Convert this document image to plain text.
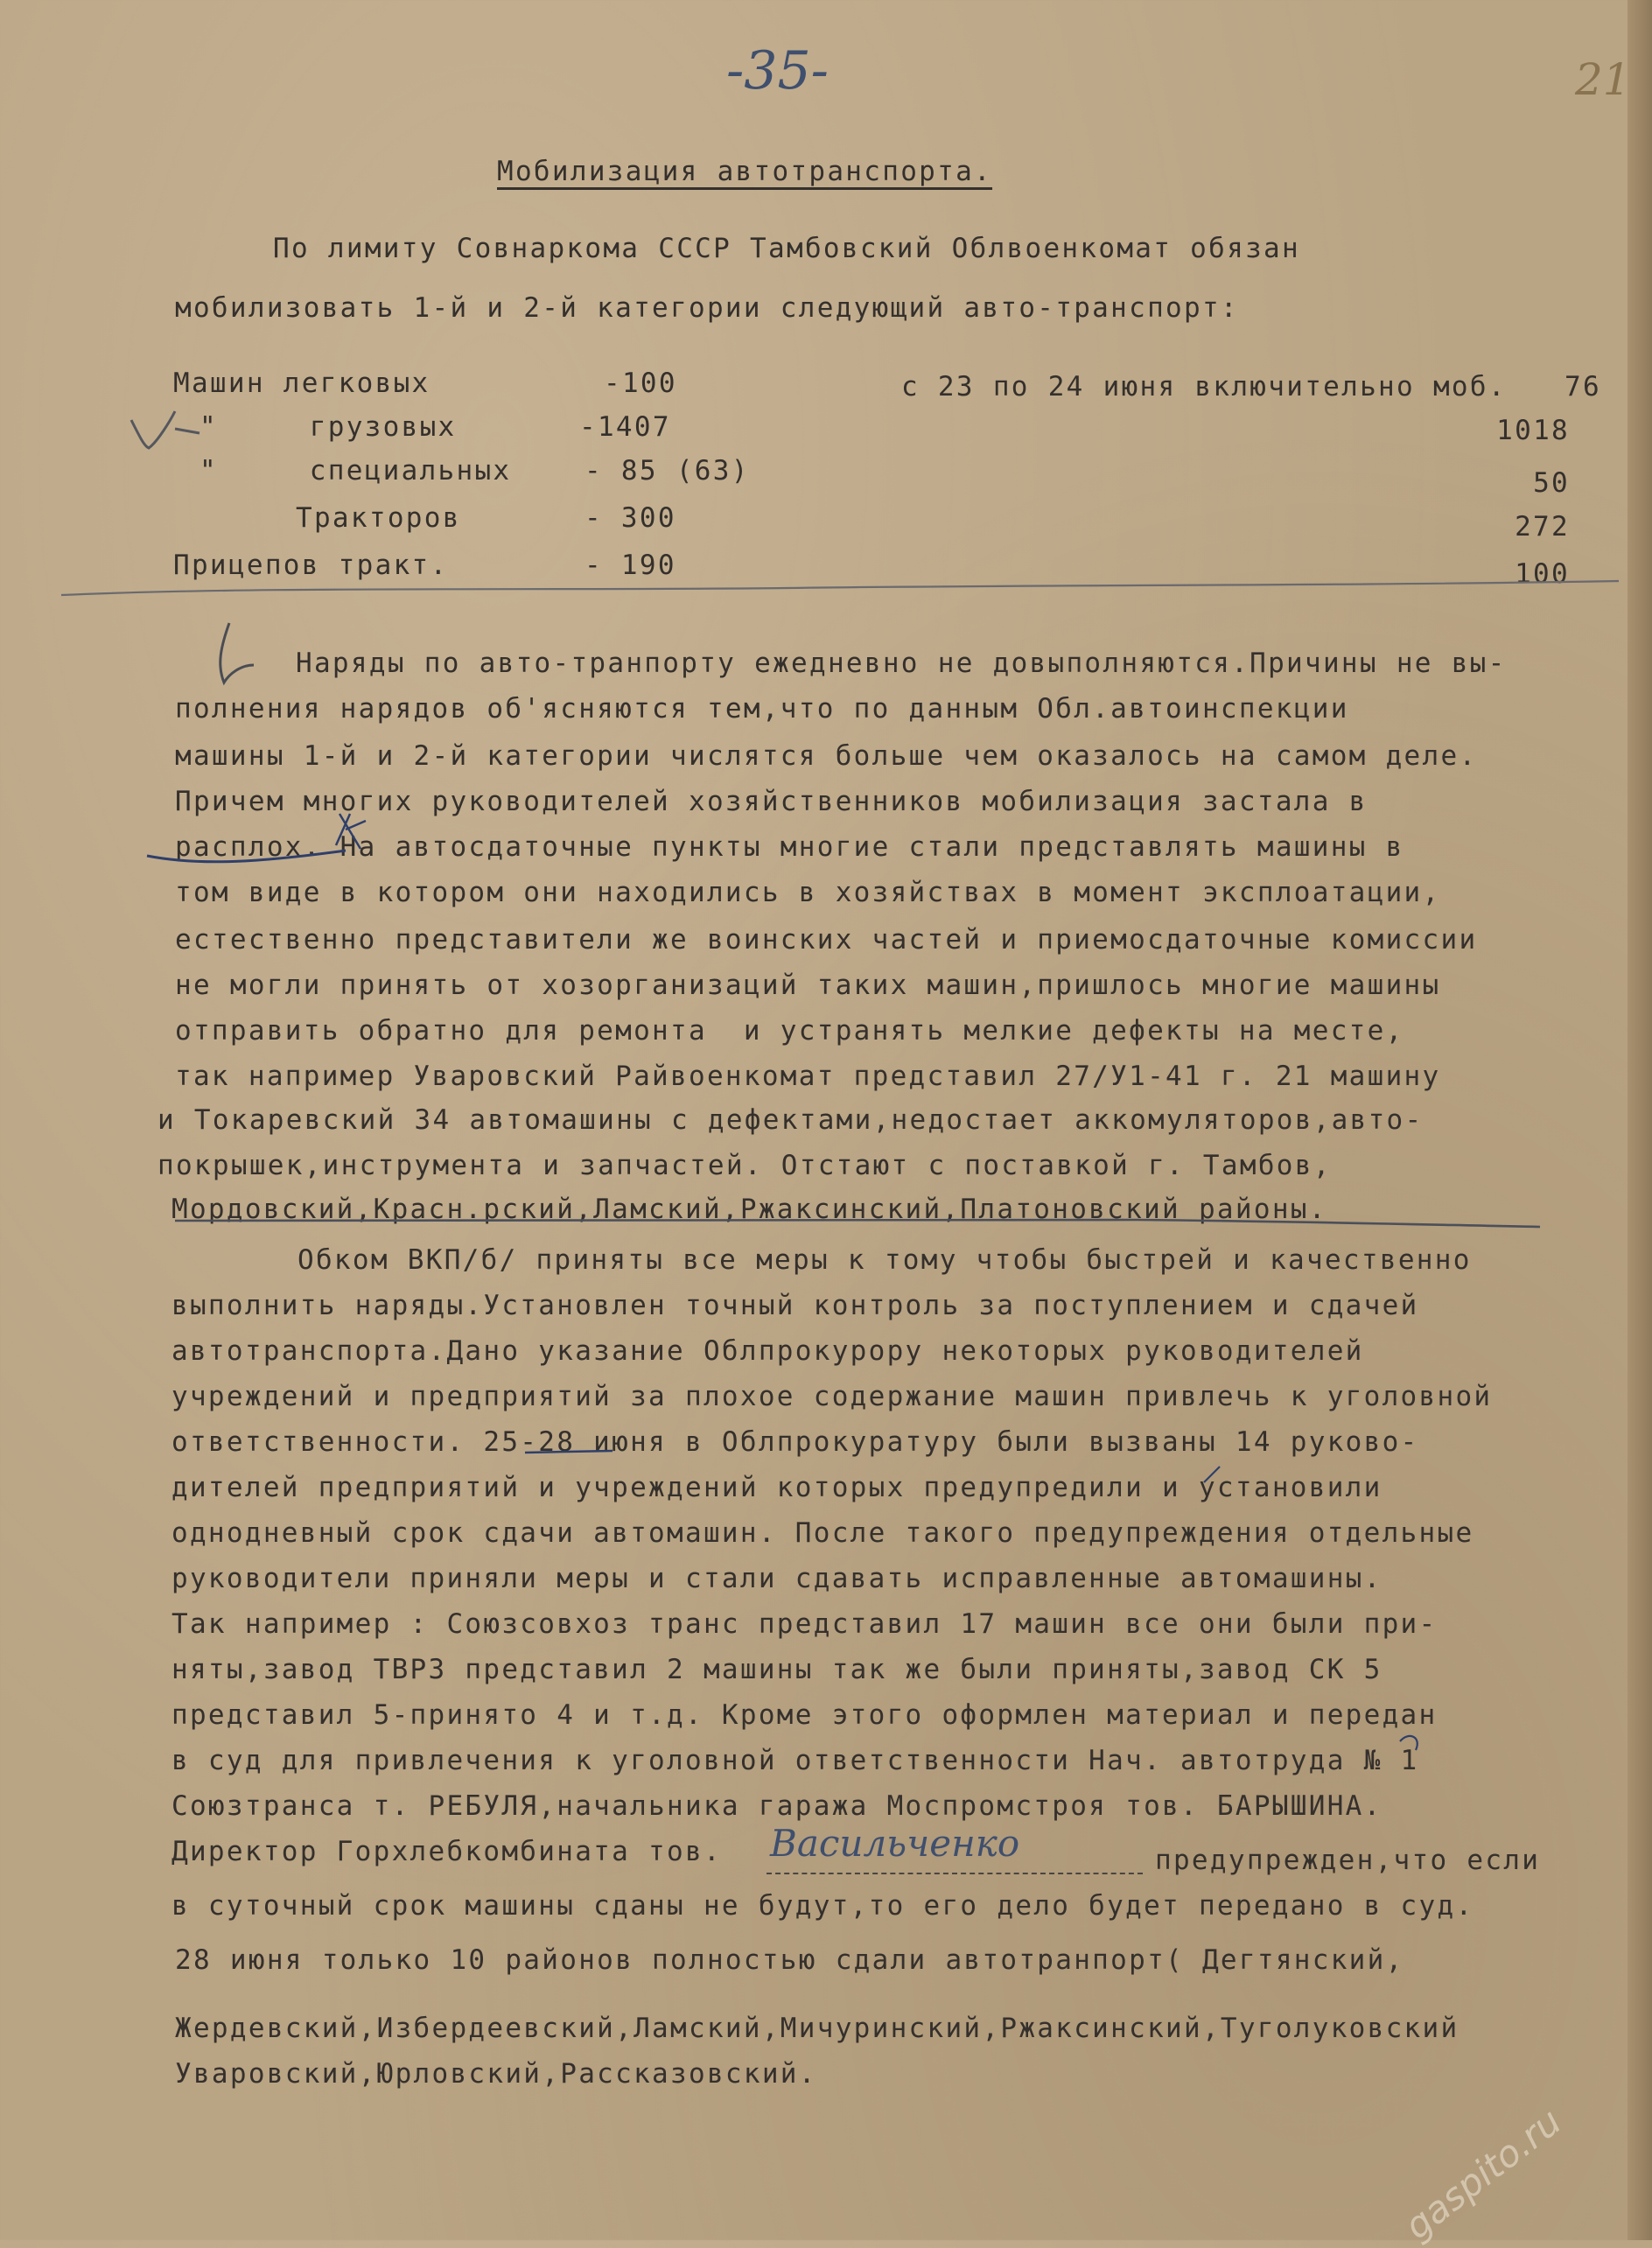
-35-	21
Мобилизация автотранспорта.
По лимиту Совнаркома СССР Тамбовский Облвоенкомат обязан
мобилизовать 1-й и 2-й категории следующий авто-транспорт:
Машин легковых	-100	с 23 по 24 июня включительно моб. 76
"     грузовых	-1407	1018
"     специальных	- 85 (63)	50
Тракторов	- 300	272
Прицепов тракт.	- 190	100
Наряды по авто-транпорту ежедневно не довыполняются.Причины не вы-
полнения нарядов об'ясняются тем,что по данным Обл.автоинспекции
машины 1-й и 2-й категории числятся больше чем оказалось на самом деле.
Причем многих руководителей хозяйственников мобилизация застала в
расплох. На автосдаточные пункты многие стали представлять машины в
том виде в котором они находились в хозяйствах в момент эксплоатации,
естественно представители же воинских частей и приемосдаточные комиссии
не могли принять от хозорганизаций таких машин,пришлось многие машины
отправить обратно для ремонта  и устранять мелкие дефекты на месте,
так например Уваровский Райвоенкомат представил 27/У1-41 г. 21 машину
и Токаревский 34 автомашины с дефектами,недостает аккомуляторов,авто-
покрышек,инструмента и запчастей. Отстают с поставкой г. Тамбов,
Мордовский,Красн.рский,Ламский,Ржаксинский,Платоновский районы.
Обком ВКП/б/ приняты все меры к тому чтобы быстрей и качественно
выполнить наряды.Установлен точный контроль за поступлением и сдачей
автотранспорта.Дано указание Облпрокурору некоторых руководителей
учреждений и предприятий за плохое содержание машин привлечь к уголовной
ответственности. 25-28 июня в Облпрокуратуру были вызваны 14 руково-
дителей предприятий и учреждений которых предупредили и установили
однодневный срок сдачи автомашин. После такого предупреждения отдельные
руководители приняли меры и стали сдавать исправленные автомашины.
Так например : Союзсовхоз транс представил 17 машин все они были при-
няты,завод ТВРЗ представил 2 машины так же были приняты,завод СК 5
представил 5-принято 4 и т.д. Кроме этого оформлен материал и передан
в суд для привлечения к уголовной ответственности Нач. автотруда № 1
Союзтранса т. РЕБУЛЯ,начальника гаража Моспромстроя тов. БАРЫШИНА.
Директор Горхлебкомбината тов. Васильченко	предупрежден,что если
в суточный срок машины сданы не будут,то его дело будет передано в суд.
28 июня только 10 районов полностью сдали автотранпорт( Дегтянский,
Жердевский,Избердеевский,Ламский,Мичуринский,Ржаксинский,Туголуковский
Уваровский,Юрловский,Рассказовский.
gaspito.ru
